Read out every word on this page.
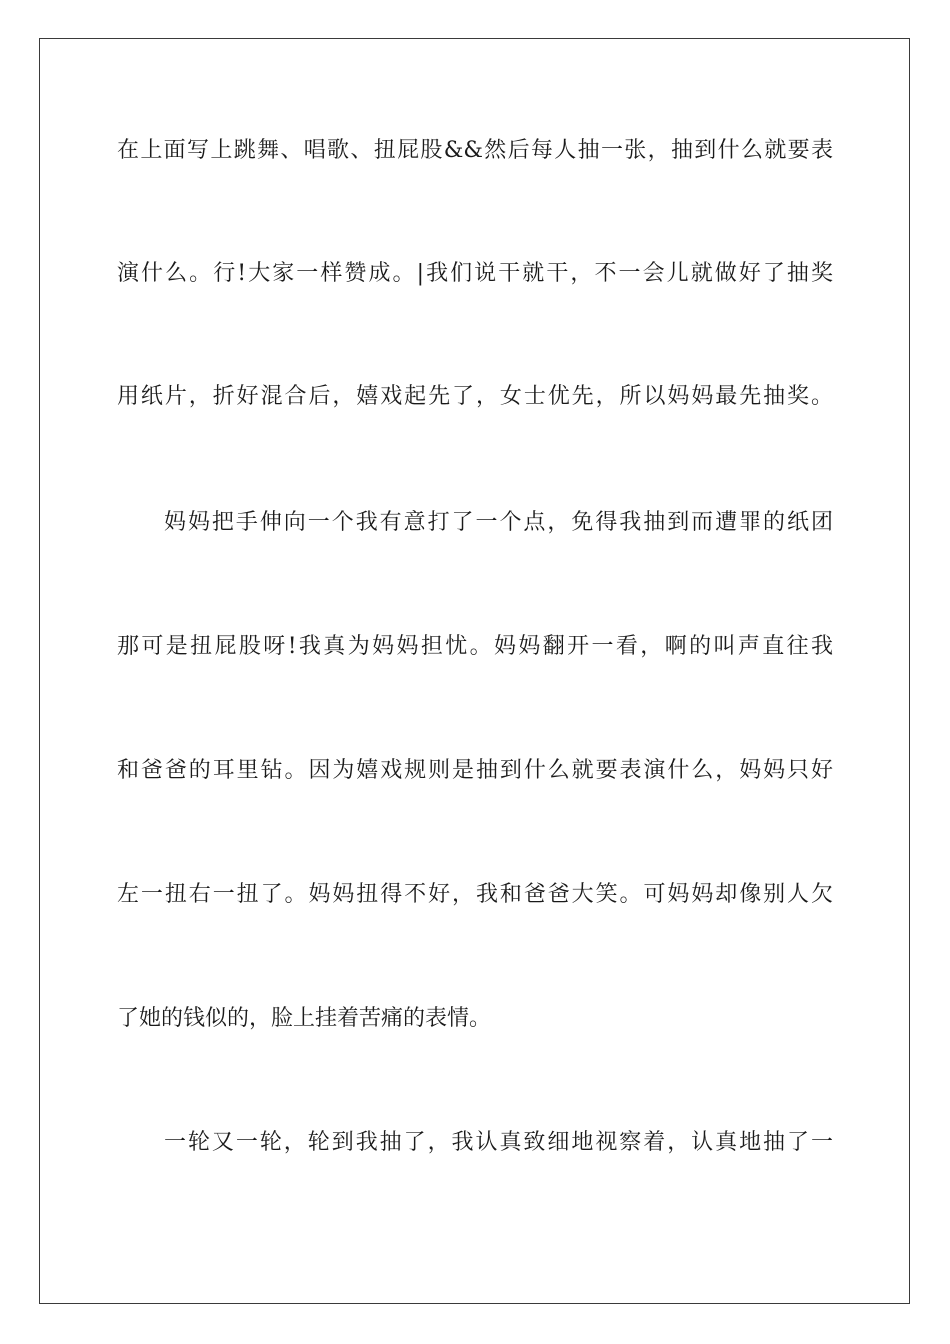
在上面写上跳舞、唱歌、扭屁股&&然后每人抽一张，抽到什么就要表
演什么。行!大家一样赞成。|我们说干就干，不一会儿就做好了抽奖
用纸片，折好混合后，嬉戏起先了，女士优先，所以妈妈最先抽奖。
妈妈把手伸向一个我有意打了一个点，免得我抽到而遭罪的纸团
那可是扭屁股呀!我真为妈妈担忧。妈妈翻开一看，啊的叫声直往我
和爸爸的耳里钻。因为嬉戏规则是抽到什么就要表演什么，妈妈只好
左一扭右一扭了。妈妈扭得不好，我和爸爸大笑。可妈妈却像别人欠
了她的钱似的，脸上挂着苦痛的表情。
一轮又一轮，轮到我抽了，我认真致细地视察着，认真地抽了一
